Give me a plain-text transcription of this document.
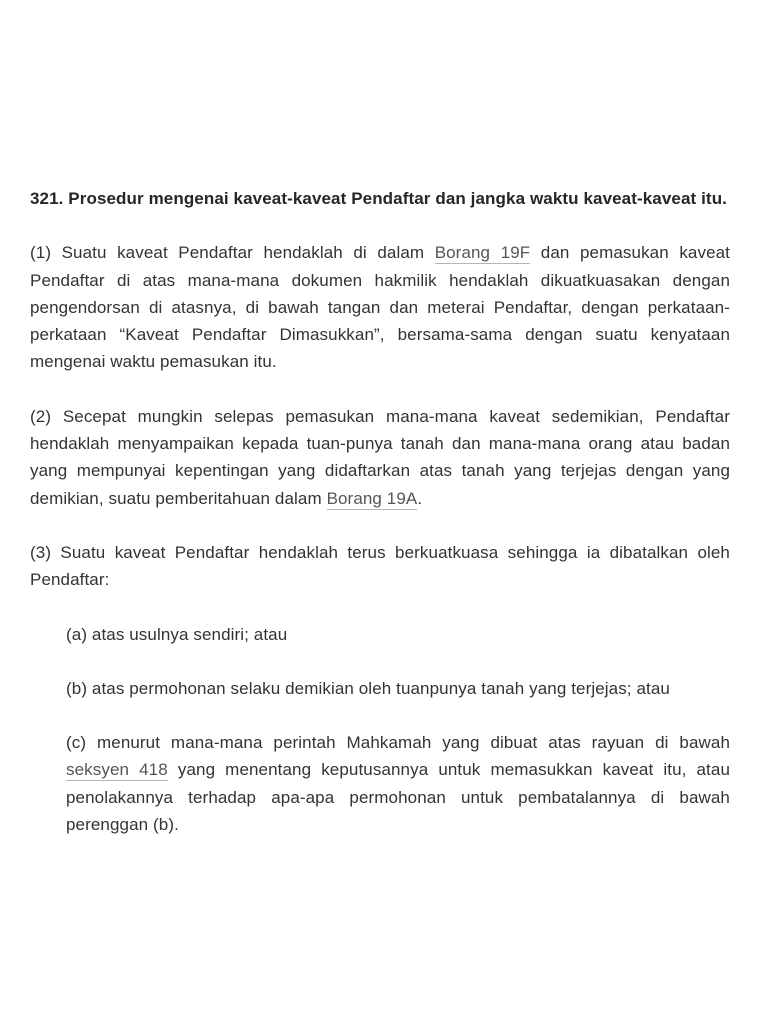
321. Prosedur mengenai kaveat-kaveat Pendaftar dan jangka waktu kaveat-kaveat itu.

(1) Suatu kaveat Pendaftar hendaklah di dalam Borang 19F dan pemasukan kaveat Pendaftar di atas mana-mana dokumen hakmilik hendaklah dikuatkuasakan dengan pengendorsan di atasnya, di bawah tangan dan meterai Pendaftar, dengan perkataan-perkataan “Kaveat Pendaftar Dimasukkan”, bersama-sama dengan suatu kenyataan mengenai waktu pemasukan itu.

(2) Secepat mungkin selepas pemasukan mana-mana kaveat sedemikian, Pendaftar hendaklah menyampaikan kepada tuan-punya tanah dan mana-mana orang atau badan yang mempunyai kepentingan yang didaftarkan atas tanah yang terjejas dengan yang demikian, suatu pemberitahuan dalam Borang 19A.

(3) Suatu kaveat Pendaftar hendaklah terus berkuatkuasa sehingga ia dibatalkan oleh Pendaftar:

(a) atas usulnya sendiri; atau

(b) atas permohonan selaku demikian oleh tuanpunya tanah yang terjejas; atau

(c) menurut mana-mana perintah Mahkamah yang dibuat atas rayuan di bawah seksyen 418 yang menentang keputusannya untuk memasukkan kaveat itu, atau penolakannya terhadap apa-apa permohonan untuk pembatalannya di bawah perenggan (b).
